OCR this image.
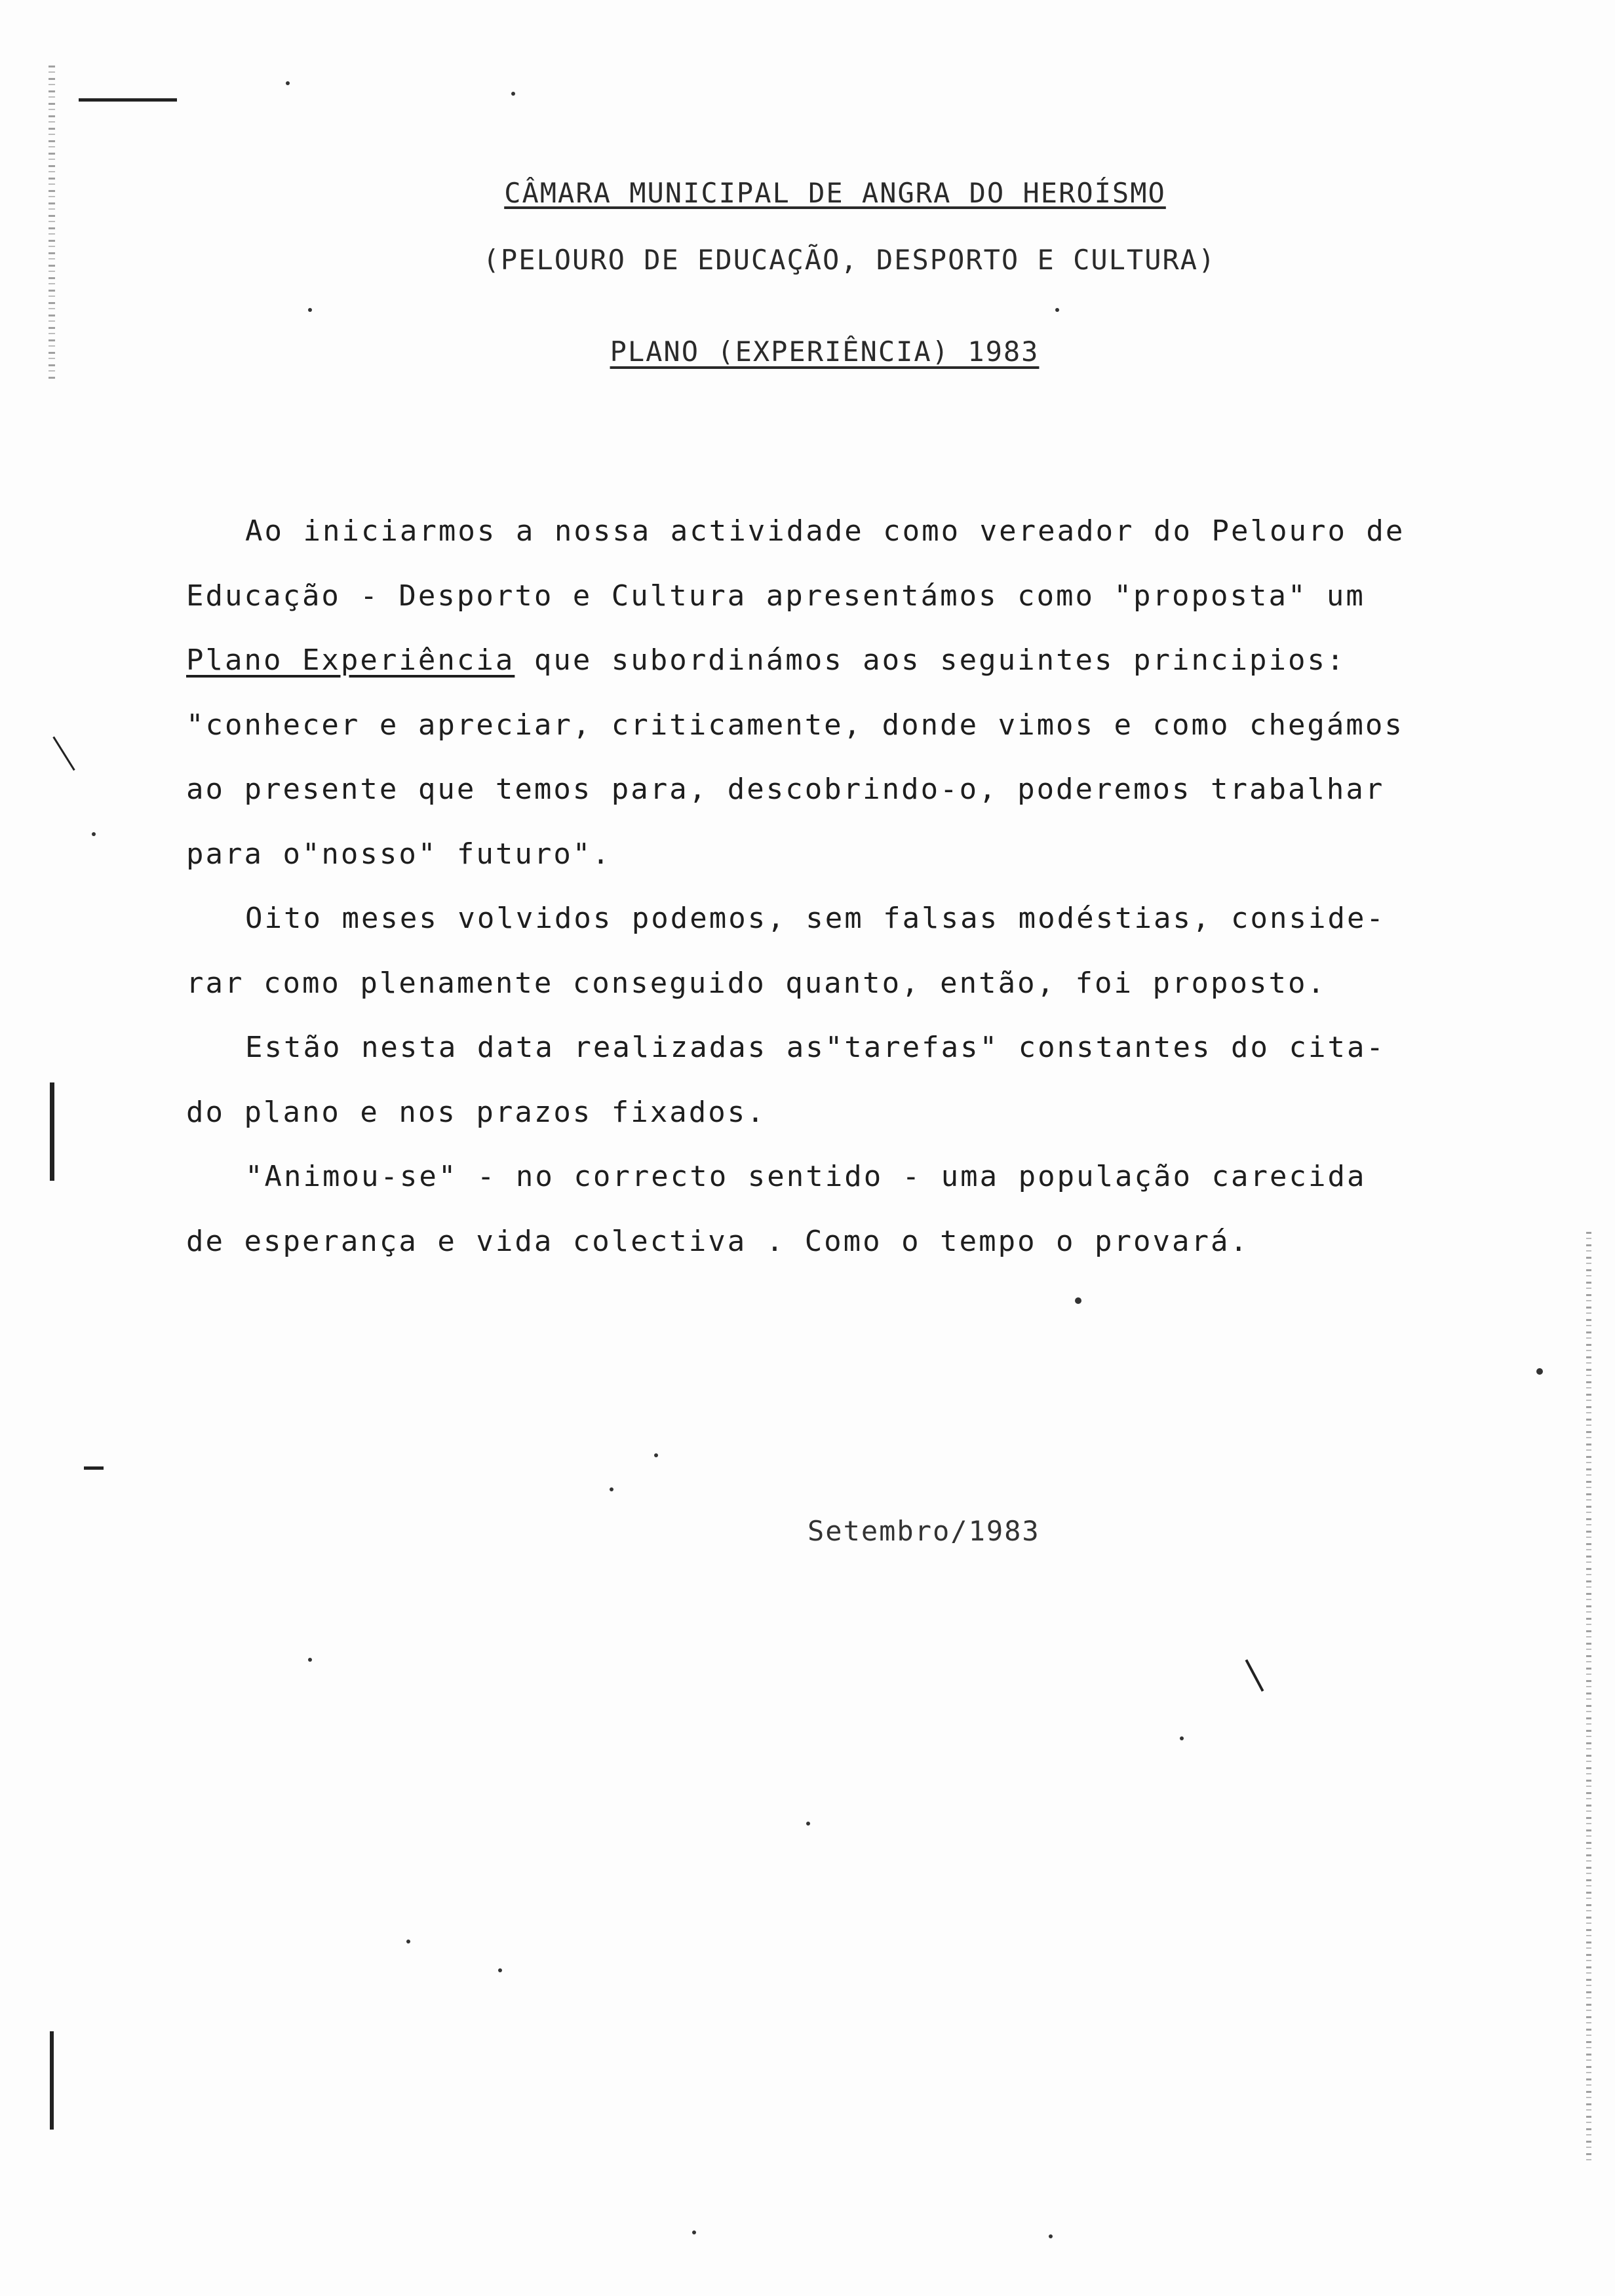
CÂMARA MUNICIPAL DE ANGRA DO HEROÍSMO
(PELOURO DE EDUCAÇÃO, DESPORTO E CULTURA)
PLANO (EXPERIÊNCIA) 1983
Ao iniciarmos a nossa actividade como vereador do Pelouro de
Educação - Desporto e Cultura apresentámos como "proposta" um
Plano Experiência que subordinámos aos seguintes principios:
"conhecer e apreciar, criticamente, donde vimos e como chegámos
ao presente que temos para, descobrindo-o, poderemos trabalhar
para o"nosso" futuro".
Oito meses volvidos podemos, sem falsas modéstias, conside-
rar como plenamente conseguido quanto, então, foi proposto.
Estão nesta data realizadas as"tarefas" constantes do cita-
do plano e nos prazos fixados.
"Animou-se" - no correcto sentido - uma população carecida
de esperança e vida colectiva . Como o tempo o provará.
Setembro/1983
